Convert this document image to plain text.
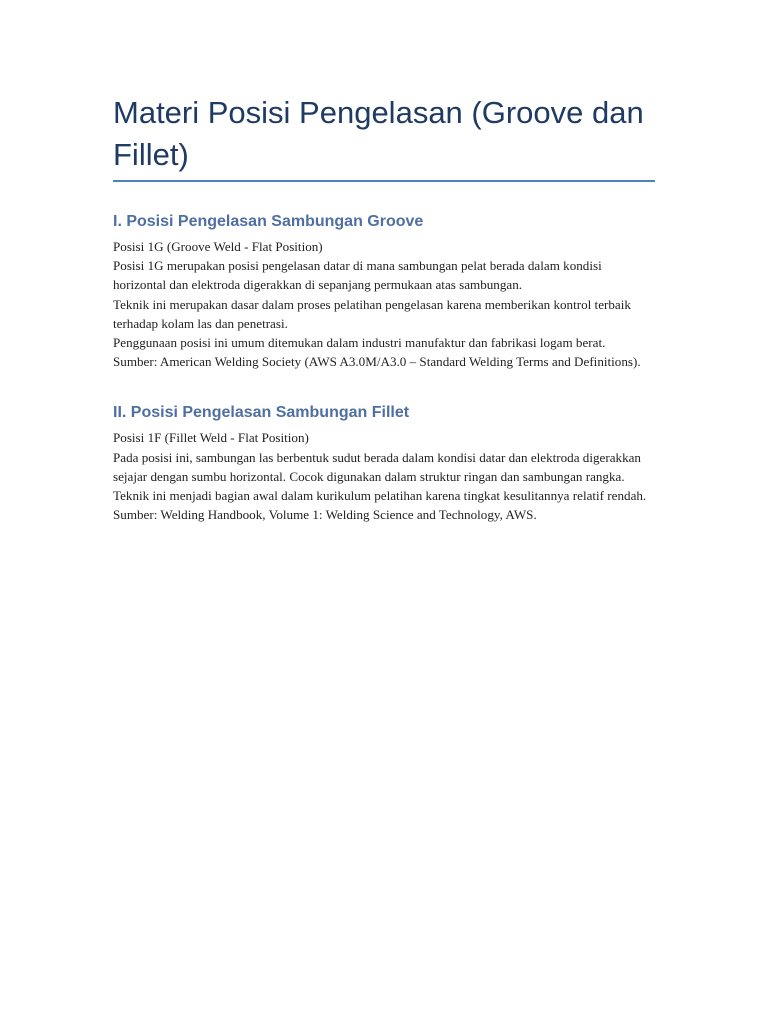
Materi Posisi Pengelasan (Groove dan Fillet)
I. Posisi Pengelasan Sambungan Groove

Posisi 1G (Groove Weld - Flat Position)

Posisi 1G merupakan posisi pengelasan datar di mana sambungan pelat berada dalam kondisi horizontal dan elektroda digerakkan di sepanjang permukaan atas sambungan.

Teknik ini merupakan dasar dalam proses pelatihan pengelasan karena memberikan kontrol terbaik terhadap kolam las dan penetrasi.

Penggunaan posisi ini umum ditemukan dalam industri manufaktur dan fabrikasi logam berat.

Sumber: American Welding Society (AWS A3.0M/A3.0 – Standard Welding Terms and Definitions).

II. Posisi Pengelasan Sambungan Fillet

Posisi 1F (Fillet Weld - Flat Position)

Pada posisi ini, sambungan las berbentuk sudut berada dalam kondisi datar dan elektroda digerakkan sejajar dengan sumbu horizontal. Cocok digunakan dalam struktur ringan dan sambungan rangka.

Teknik ini menjadi bagian awal dalam kurikulum pelatihan karena tingkat kesulitannya relatif rendah.

Sumber: Welding Handbook, Volume 1: Welding Science and Technology, AWS.
